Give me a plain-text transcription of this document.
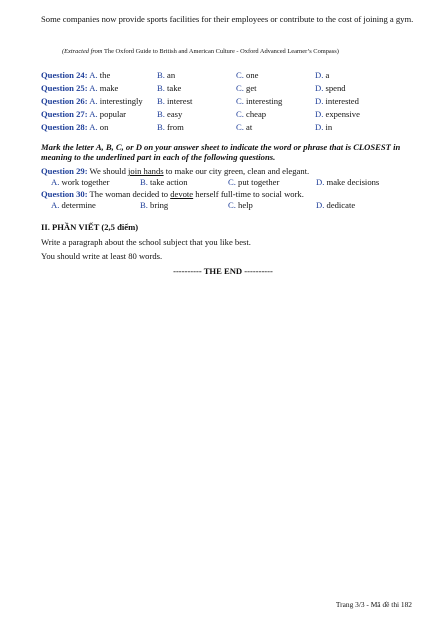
Some companies now provide sports facilities for their employees or contribute to the cost of joining a gym.
(Extracted from The Oxford Guide to British and American Culture - Oxford Advanced Learner’s Compass)
Question 24: A. the	B. an	C. one	D. a
Question 25: A. make	B. take	C. get	D. spend
Question 26: A. interestingly B. interest	C. interesting	D. interested
Question 27: A. popular	B. easy	C. cheap	D. expensive
Question 28: A. on	B. from	C. at	D. in
Mark the letter A, B, C, or D on your answer sheet to indicate the word or phrase that is CLOSEST in meaning to the underlined part in each of the following questions.
Question 29: We should join hands to make our city green, clean and elegant.
A. work together	B. take action	C. put together	D. make decisions
Question 30: The woman decided to devote herself full-time to social work.
A. determine	B. bring	C. help	D. dedicate
II. PHẦN VIẾT (2,5 điểm)
Write a paragraph about the school subject that you like best.
You should write at least 80 words.
---------- THE END ----------
Trang 3/3 - Mã đề thi 182
